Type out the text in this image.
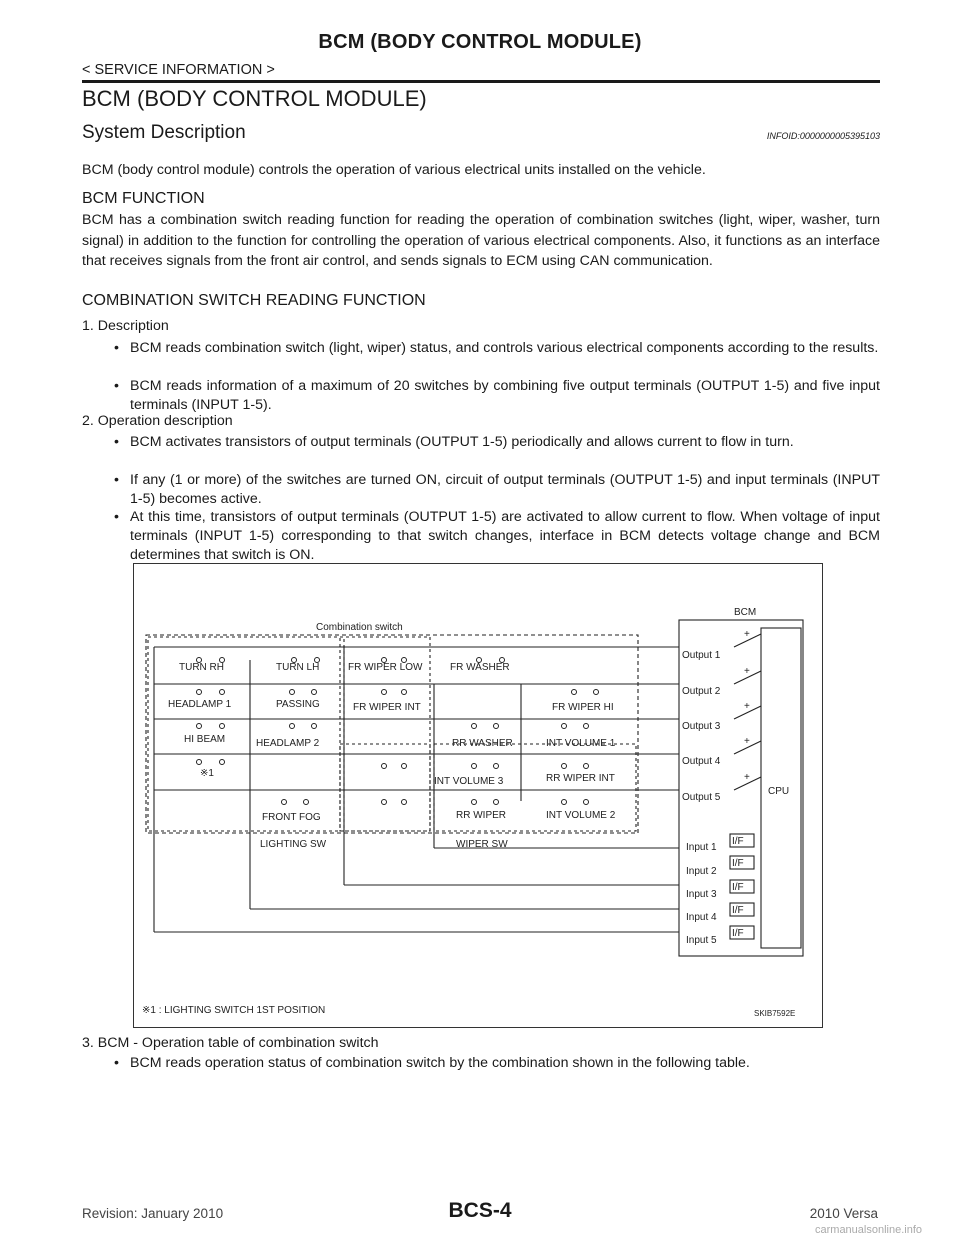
BCM (BODY CONTROL MODULE)
< SERVICE INFORMATION >
BCM (BODY CONTROL MODULE)
System Description	INFOID:0000000005395103
BCM (body control module) controls the operation of various electrical units installed on the vehicle.
BCM FUNCTION
BCM has a combination switch reading function for reading the operation of combination switches (light, wiper, washer, turn signal) in addition to the function for controlling the operation of various electrical components. Also, it functions as an interface that receives signals from the front air control, and sends signals to ECM using CAN communication.
COMBINATION SWITCH READING FUNCTION
1. Description
• BCM reads combination switch (light, wiper) status, and controls various electrical components according to the results.
• BCM reads information of a maximum of 20 switches by combining five output terminals (OUTPUT 1-5) and five input terminals (INPUT 1-5).
2. Operation description
• BCM activates transistors of output terminals (OUTPUT 1-5) periodically and allows current to flow in turn.
• If any (1 or more) of the switches are turned ON, circuit of output terminals (OUTPUT 1-5) and input terminals (INPUT 1-5) becomes active.
• At this time, transistors of output terminals (OUTPUT 1-5) are activated to allow current to flow. When voltage of input terminals (INPUT 1-5) corresponding to that switch changes, interface in BCM detects voltage change and BCM determines that switch is ON.
Combination switch
BCM
CPU
TURN RH	TURN LH
HEADLAMP 1	PASSING
HI BEAM	HEADLAMP 2
※1
FRONT FOG
LIGHTING SW
FR WIPER LOW	FR WASHER
FR WIPER INT	FR WIPER HI
RR WASHER	INT VOLUME 1
INT VOLUME 3	RR WIPER INT
RR WIPER	INT VOLUME 2
WIPER SW
Output 1
Output 2
Output 3
Output 4
Output 5
+
+
+
+
+
Input 1
Input 2
Input 3
Input 4
Input 5
I/F
I/F
I/F
I/F
I/F
※1 : LIGHTING SWITCH 1ST POSITION	SKIB7592E
3. BCM - Operation table of combination switch
• BCM reads operation status of combination switch by the combination shown in the following table.
Revision: January 2010	BCS-4	2010 Versa
carmanualsonline.info
